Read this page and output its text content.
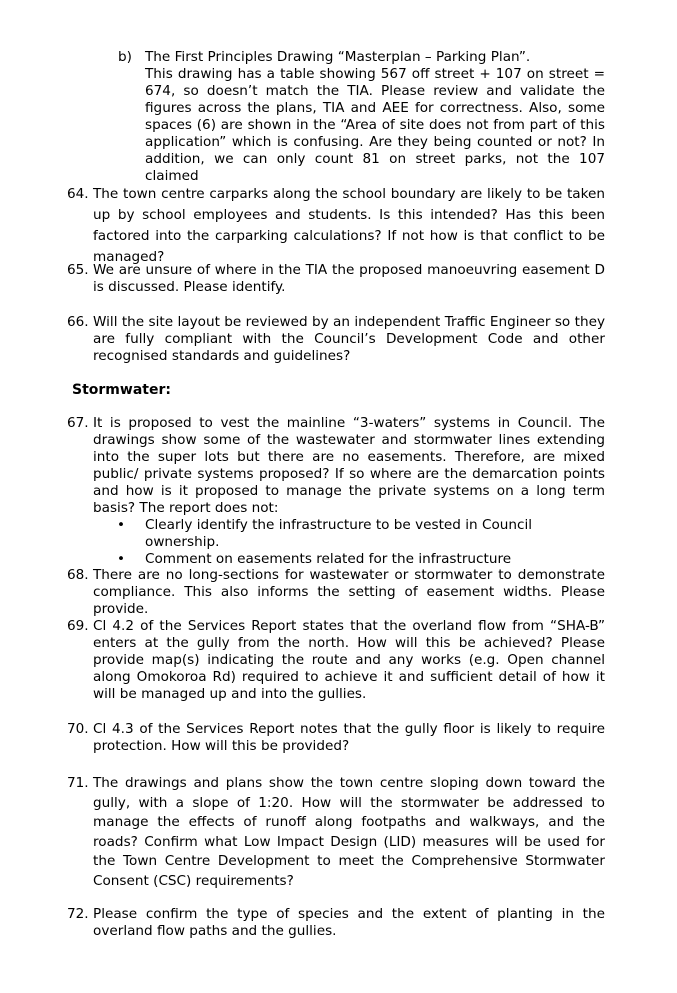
b) The First Principles Drawing “Masterplan – Parking Plan”.

This drawing has a table showing 567 off street + 107 on street = 674, so doesn’t match the TIA. Please review and validate the figures across the plans, TIA and AEE for correctness. Also, some spaces (6) are shown in the “Area of site does not from part of this application” which is confusing. Are they being counted or not? In addition, we can only count 81 on street parks, not the 107 claimed

64. The town centre carparks along the school boundary are likely to be taken up by school employees and students. Is this intended? Has this been factored into the carparking calculations? If not how is that conflict to be managed?

65. We are unsure of where in the TIA the proposed manoeuvring easement D is discussed. Please identify.

66. Will the site layout be reviewed by an independent Traffic Engineer so they are fully compliant with the Council’s Development Code and other recognised standards and guidelines?

Stormwater:
67. It is proposed to vest the mainline “3-waters” systems in Council. The drawings show some of the wastewater and stormwater lines extending into the super lots but there are no easements. Therefore, are mixed public/ private systems proposed? If so where are the demarcation points and how is it proposed to manage the private systems on a long term basis? The report does not:

• Clearly identify the infrastructure to be vested in Council ownership.
• Comment on easements related for the infrastructure
68. There are no long-sections for wastewater or stormwater to demonstrate compliance. This also informs the setting of easement widths. Please provide.

69. Cl 4.2 of the Services Report states that the overland flow from “SHA-B” enters at the gully from the north. How will this be achieved? Please provide map(s) indicating the route and any works (e.g. Open channel along Omokoroa Rd) required to achieve it and sufficient detail of how it will be managed up and into the gullies.

70. Cl 4.3 of the Services Report notes that the gully floor is likely to require protection. How will this be provided?

71. The drawings and plans show the town centre sloping down toward the gully, with a slope of 1:20. How will the stormwater be addressed to manage the effects of runoff along footpaths and walkways, and the roads? Confirm what Low Impact Design (LID) measures will be used for the Town Centre Development to meet the Comprehensive Stormwater Consent (CSC) requirements?

72. Please confirm the type of species and the extent of planting in the overland flow paths and the gullies.
